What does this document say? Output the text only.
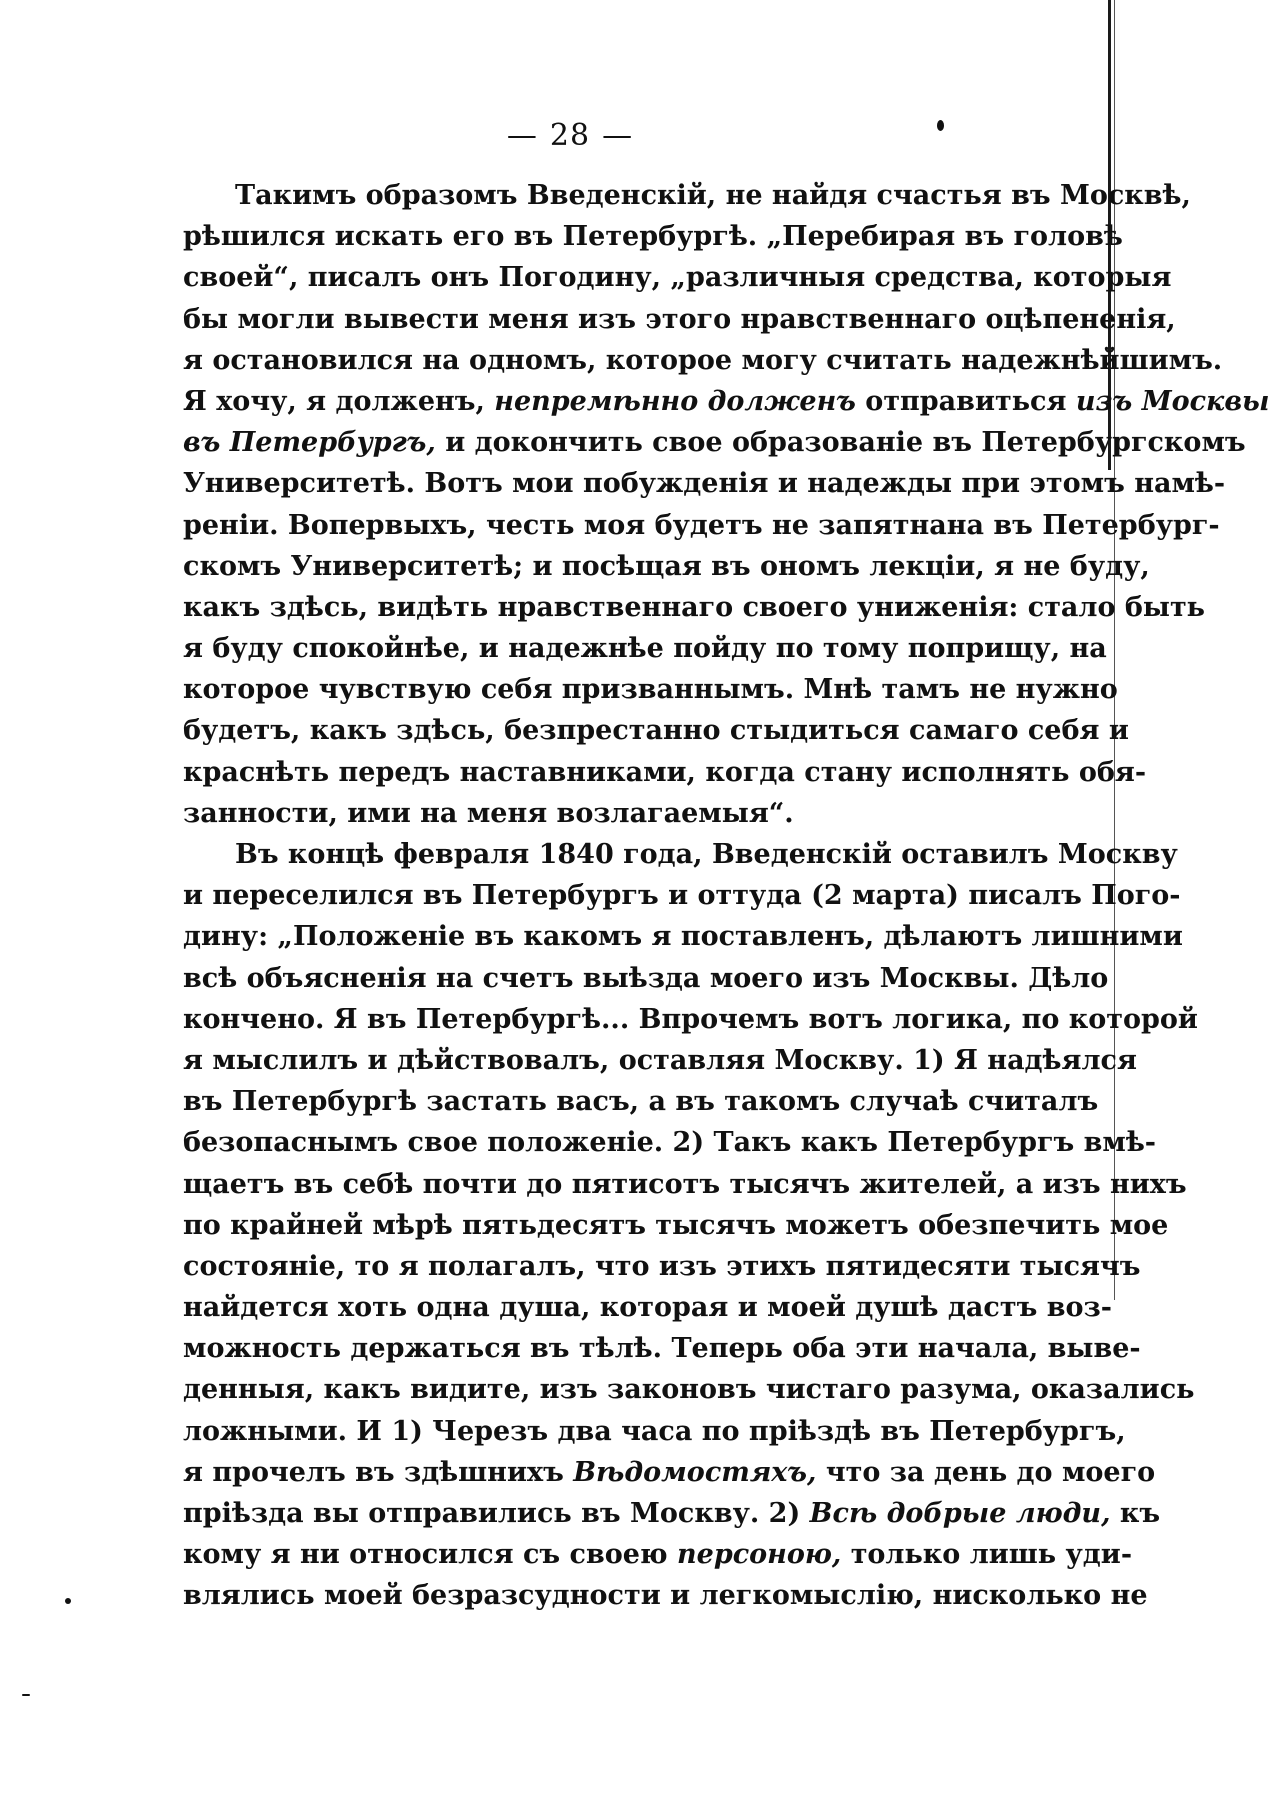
— 28 —
Такимъ образомъ Введенскій, не найдя счастья въ Москвѣ,
рѣшился искать его въ Петербургѣ. „Перебирая въ головѣ
своей“, писалъ онъ Погодину, „различныя средства, которыя
бы могли вывести меня изъ этого нравственнаго оцѣпененія,
я остановился на одномъ, которое могу считать надежнѣйшимъ.
Я хочу, я долженъ, непремѣнно долженъ отправиться изъ Москвы
въ Петербургъ, и докончить свое образованіе въ Петербургскомъ
Университетѣ. Вотъ мои побужденія и надежды при этомъ намѣ-
реніи. Вопервыхъ, честь моя будетъ не запятнана въ Петербург-
скомъ Университетѣ; и посѣщая въ ономъ лекціи, я не буду,
какъ здѣсь, видѣть нравственнаго своего униженія: стало быть
я буду спокойнѣе, и надежнѣе пойду по тому поприщу, на
которое чувствую себя призваннымъ. Мнѣ тамъ не нужно
будетъ, какъ здѣсь, безпрестанно стыдиться самаго себя и
краснѣть передъ наставниками, когда стану исполнять обя-
занности, ими на меня возлагаемыя“.
Въ концѣ февраля 1840 года, Введенскій оставилъ Москву
и переселился въ Петербургъ и оттуда (2 марта) писалъ Пого-
дину: „Положеніе въ какомъ я поставленъ, дѣлаютъ лишними
всѣ объясненія на счетъ выѣзда моего изъ Москвы. Дѣло
кончено. Я въ Петербургѣ... Впрочемъ вотъ логика, по которой
я мыслилъ и дѣйствовалъ, оставляя Москву. 1) Я надѣялся
въ Петербургѣ застать васъ, а въ такомъ случаѣ считалъ
безопаснымъ свое положеніе. 2) Такъ какъ Петербургъ вмѣ-
щаетъ въ себѣ почти до пятисотъ тысячъ жителей, а изъ нихъ
по крайней мѣрѣ пятьдесятъ тысячъ можетъ обезпечить мое
состояніе, то я полагалъ, что изъ этихъ пятидесяти тысячъ
найдется хоть одна душа, которая и моей душѣ дастъ воз-
можность держаться въ тѣлѣ. Теперь оба эти начала, выве-
денныя, какъ видите, изъ законовъ чистаго разума, оказались
ложными. И 1) Черезъ два часа по пріѣздѣ въ Петербургъ,
я прочелъ въ здѣшнихъ Вѣдомостяхъ, что за день до моего
пріѣзда вы отправились въ Москву. 2) Всѣ добрые люди, къ
кому я ни относился съ своею персоною, только лишь уди-
влялись моей безразсудности и легкомыслію, нисколько не
